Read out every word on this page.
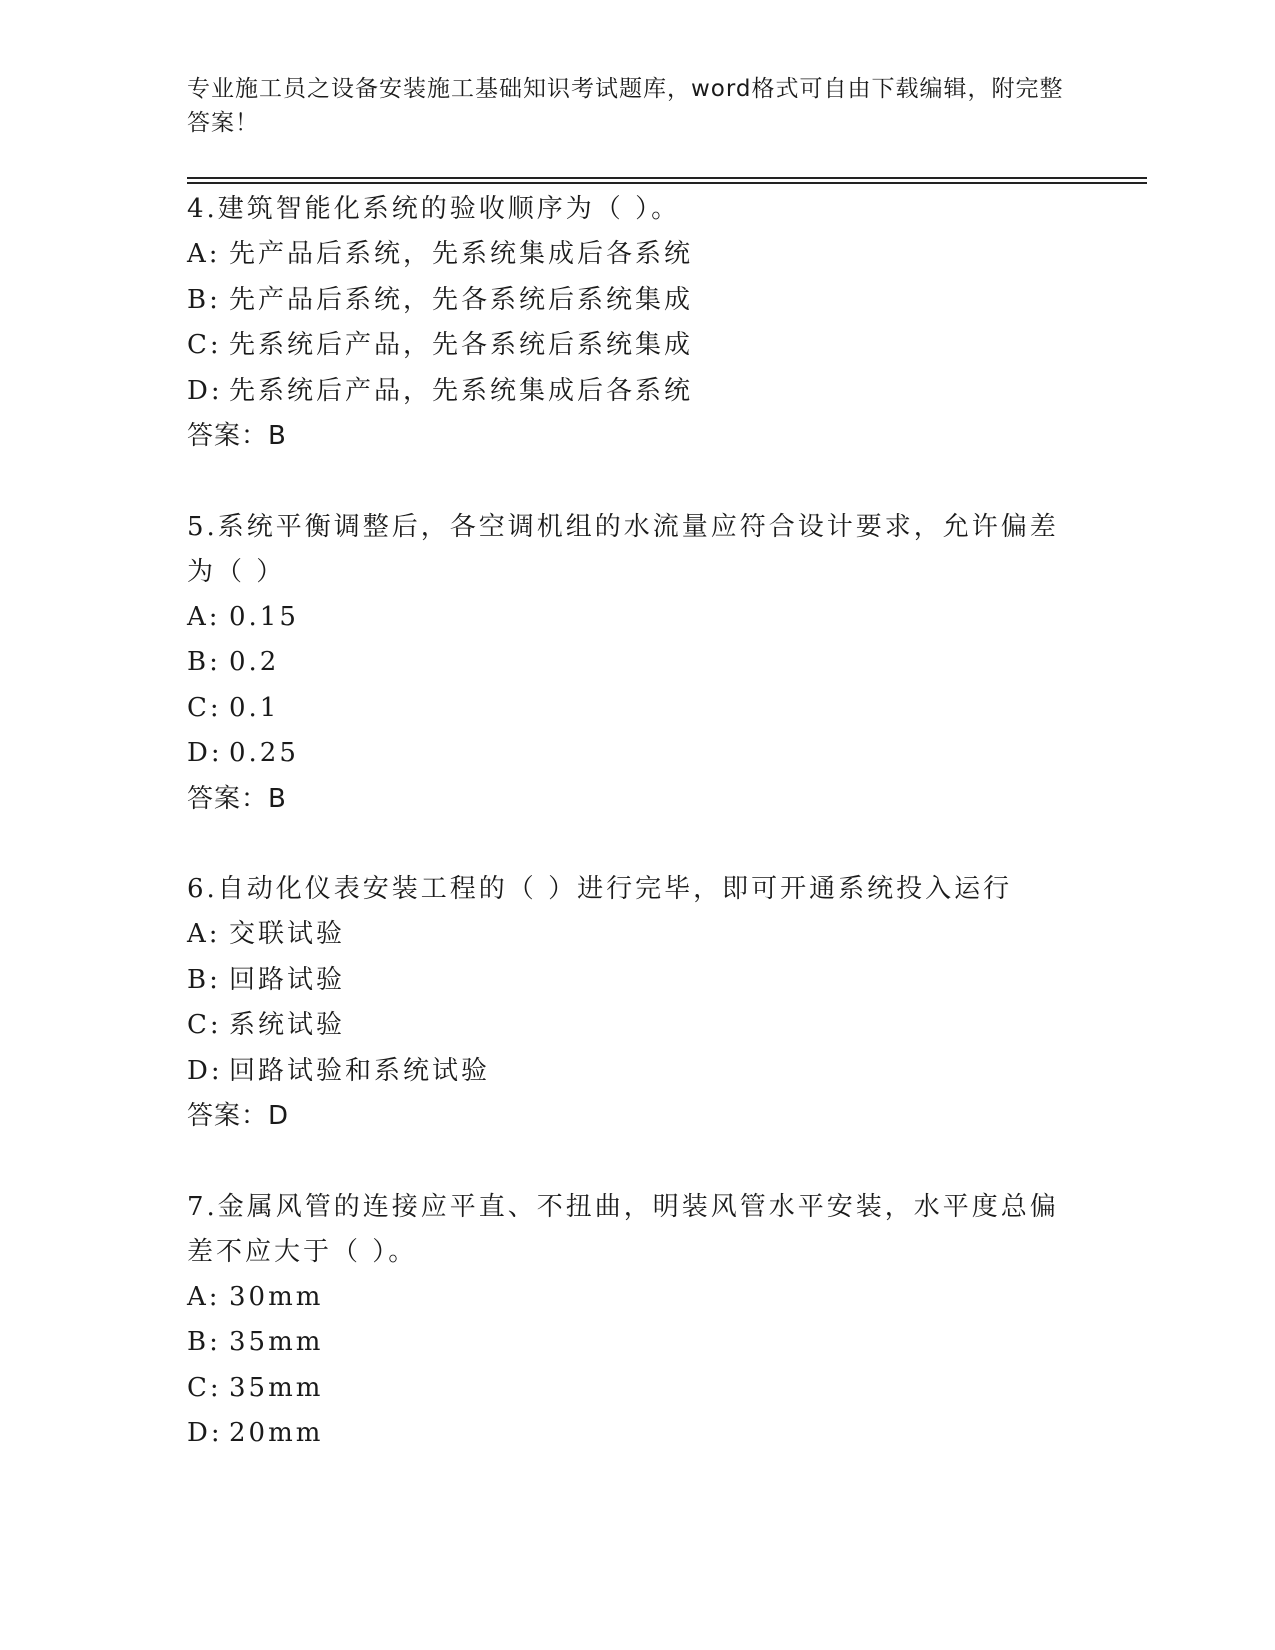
专业施工员之设备安装施工基础知识考试题库，word格式可自由下载编辑，附完整答案！
4.建筑智能化系统的验收顺序为（ ）。
A: 先产品后系统，先系统集成后各系统
B: 先产品后系统，先各系统后系统集成
C: 先系统后产品，先各系统后系统集成
D: 先系统后产品，先系统集成后各系统
答案：B
5.系统平衡调整后，各空调机组的水流量应符合设计要求，允许偏差为（ ）
A: 0.15
B: 0.2
C: 0.1
D: 0.25
答案：B
6.自动化仪表安装工程的（ ）进行完毕，即可开通系统投入运行
A: 交联试验
B: 回路试验
C: 系统试验
D: 回路试验和系统试验
答案：D
7.金属风管的连接应平直、不扭曲，明装风管水平安装，水平度总偏差不应大于（ ）。
A: 30mm
B: 35mm
C: 35mm
D: 20mm
